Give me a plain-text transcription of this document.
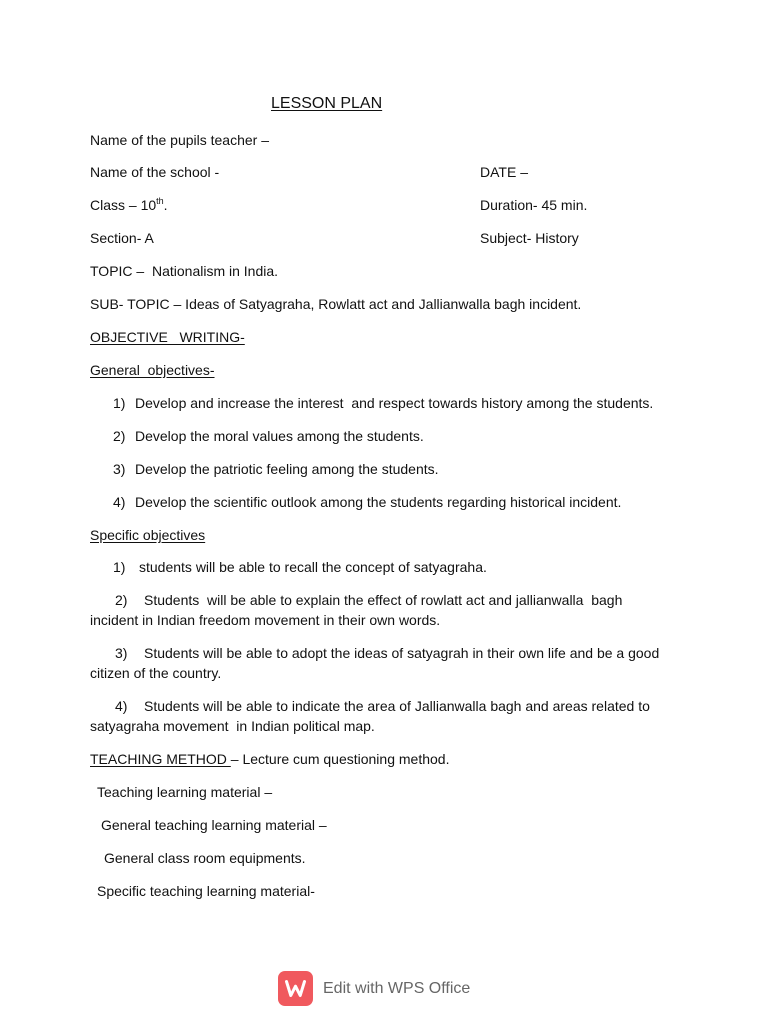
LESSON PLAN
Name of the pupils teacher –
Name of the school -	DATE –
Class – 10th.	Duration- 45 min.
Section- A	Subject- History
TOPIC –  Nationalism in India.
SUB- TOPIC – Ideas of Satyagraha, Rowlatt act and Jallianwalla bagh incident.
OBJECTIVE   WRITING-
General  objectives-
1) Develop and increase the interest  and respect towards history among the students.
2) Develop the moral values among the students.
3) Develop the patriotic feeling among the students.
4) Develop the scientific outlook among the students regarding historical incident.
Specific objectives
1) students will be able to recall the concept of satyagraha.
2) Students  will be able to explain the effect of rowlatt act and jallianwalla  bagh
incident in Indian freedom movement in their own words.
3) Students will be able to adopt the ideas of satyagrah in their own life and be a good
citizen of the country.
4) Students will be able to indicate the area of Jallianwalla bagh and areas related to
satyagraha movement  in Indian political map.
TEACHING METHOD – Lecture cum questioning method.
Teaching learning material –
General teaching learning material –
General class room equipments.
Specific teaching learning material-
Edit with WPS Office
